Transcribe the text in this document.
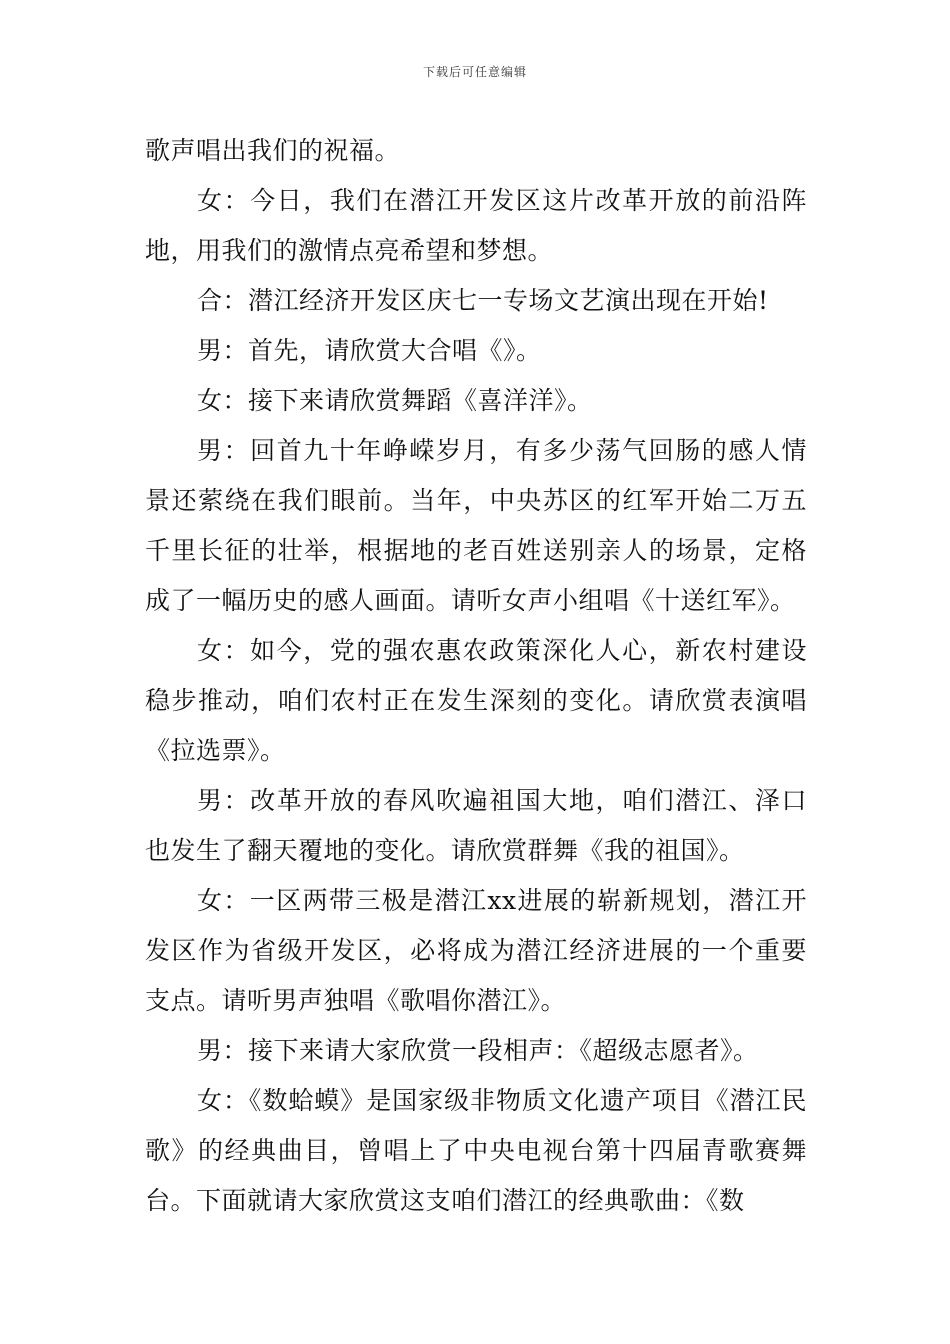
下载后可任意编辑

歌声唱出我们的祝福。

女：今日，我们在潜江开发区这片改革开放的前沿阵地，用我们的激情点亮希望和梦想。

合：潜江经济开发区庆七一专场文艺演出现在开始!

男：首先，请欣赏大合唱《》。

女：接下来请欣赏舞蹈《喜洋洋》。

男：回首九十年峥嵘岁月，有多少荡气回肠的感人情景还萦绕在我们眼前。当年，中央苏区的红军开始二万五千里长征的壮举，根据地的老百姓送别亲人的场景，定格成了一幅历史的感人画面。请听女声小组唱《十送红军》。

女：如今，党的强农惠农政策深化人心，新农村建设稳步推动，咱们农村正在发生深刻的变化。请欣赏表演唱《拉选票》。

男：改革开放的春风吹遍祖国大地，咱们潜江、泽口也发生了翻天覆地的变化。请欣赏群舞《我的祖国》。

女：一区两带三极是潜江xx进展的崭新规划，潜江开发区作为省级开发区，必将成为潜江经济进展的一个重要支点。请听男声独唱《歌唱你潜江》。

男：接下来请大家欣赏一段相声：《超级志愿者》。

女：《数蛤蟆》是国家级非物质文化遗产项目《潜江民歌》的经典曲目，曾唱上了中央电视台第十四届青歌赛舞台。下面就请大家欣赏这支咱们潜江的经典歌曲：《数
